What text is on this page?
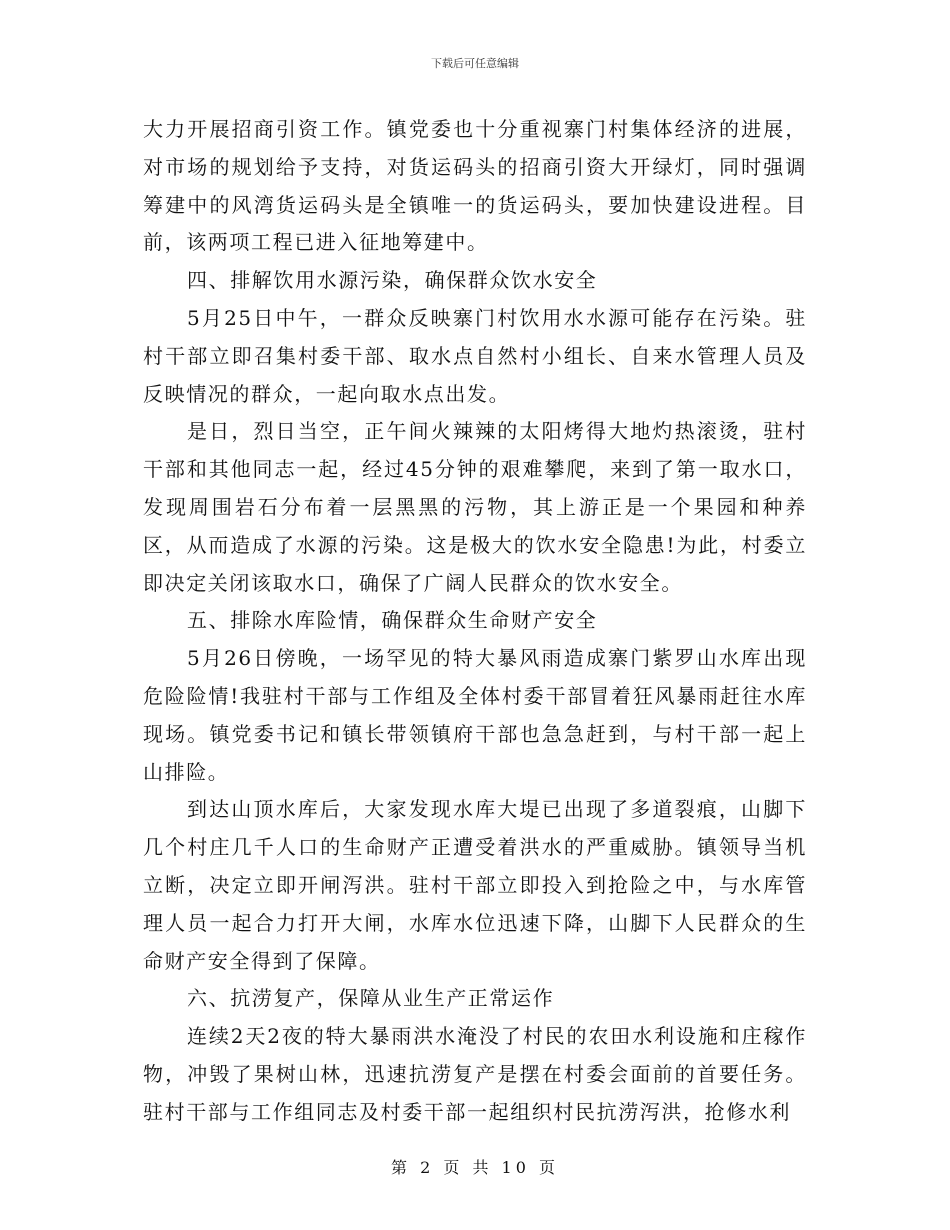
下载后可任意编辑

大力开展招商引资工作。镇党委也十分重视寨门村集体经济的进展，对市场的规划给予支持，对货运码头的招商引资大开绿灯，同时强调筹建中的风湾货运码头是全镇唯一的货运码头，要加快建设进程。目前，该两项工程已进入征地筹建中。

四、排解饮用水源污染，确保群众饮水安全

5月25日中午，一群众反映寨门村饮用水水源可能存在污染。驻村干部立即召集村委干部、取水点自然村小组长、自来水管理人员及反映情况的群众，一起向取水点出发。

是日，烈日当空，正午间火辣辣的太阳烤得大地灼热滚烫，驻村干部和其他同志一起，经过45分钟的艰难攀爬，来到了第一取水口，发现周围岩石分布着一层黑黑的污物，其上游正是一个果园和种养区，从而造成了水源的污染。这是极大的饮水安全隐患!为此，村委立即决定关闭该取水口，确保了广阔人民群众的饮水安全。

五、排除水库险情，确保群众生命财产安全

5月26日傍晚，一场罕见的特大暴风雨造成寨门紫罗山水库出现危险险情!我驻村干部与工作组及全体村委干部冒着狂风暴雨赶往水库现场。镇党委书记和镇长带领镇府干部也急急赶到，与村干部一起上山排险。

到达山顶水库后，大家发现水库大堤已出现了多道裂痕，山脚下几个村庄几千人口的生命财产正遭受着洪水的严重威胁。镇领导当机立断，决定立即开闸泻洪。驻村干部立即投入到抢险之中，与水库管理人员一起合力打开大闸，水库水位迅速下降，山脚下人民群众的生命财产安全得到了保障。

六、抗涝复产，保障从业生产正常运作

连续2天2夜的特大暴雨洪水淹没了村民的农田水利设施和庄稼作物，冲毁了果树山林，迅速抗涝复产是摆在村委会面前的首要任务。驻村干部与工作组同志及村委干部一起组织村民抗涝泻洪，抢修水利

第 2 页 共 10 页
